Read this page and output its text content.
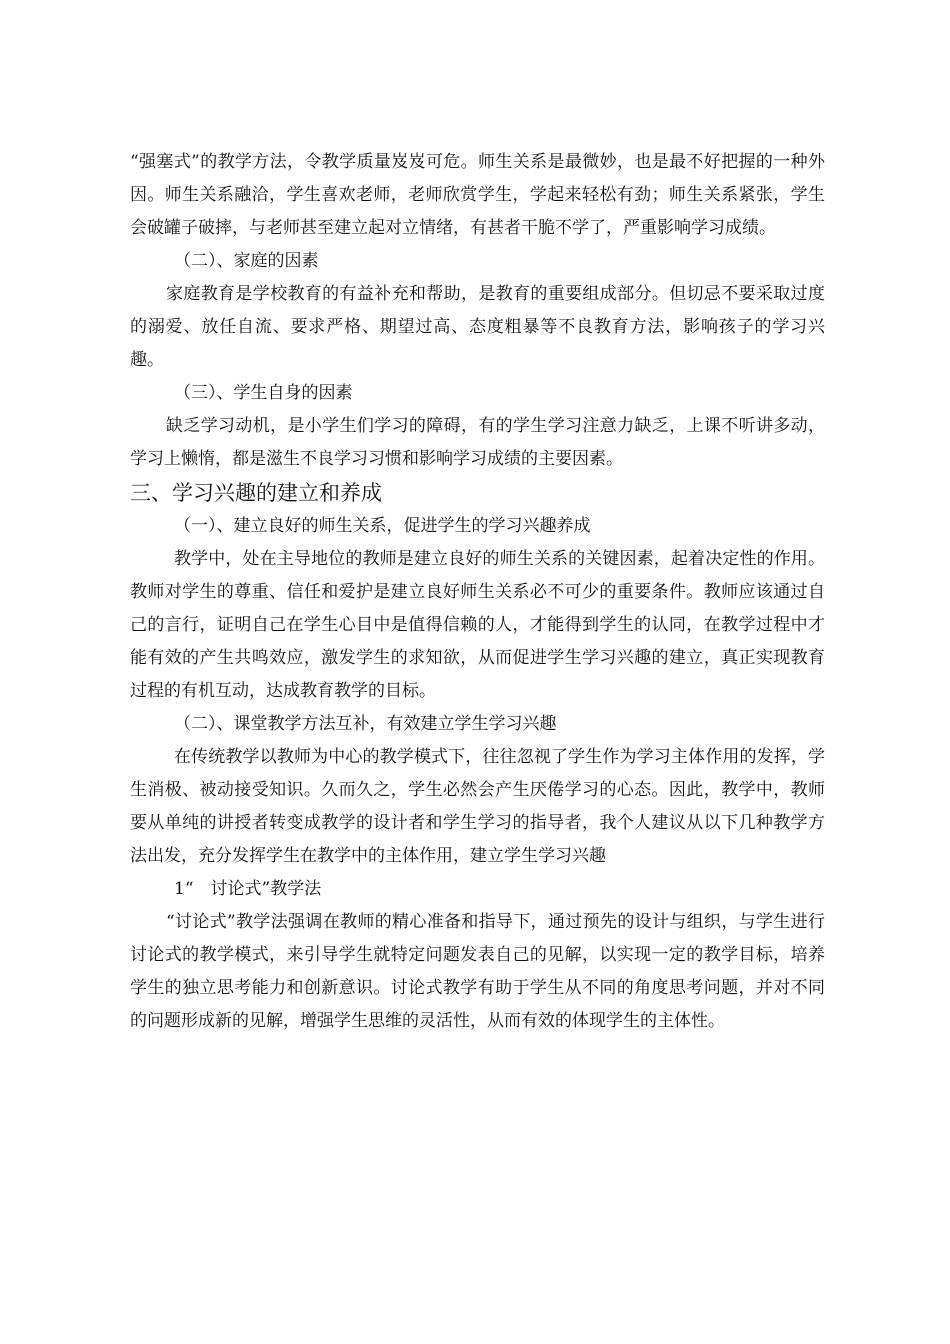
“强塞式”的教学方法，令教学质量岌岌可危。师生关系是最微妙，也是最不好把握的一种外因。师生关系融洽，学生喜欢老师，老师欣赏学生，学起来轻松有劲；师生关系紧张，学生会破罐子破摔，与老师甚至建立起对立情绪，有甚者干脆不学了，严重影响学习成绩。

（二）、家庭的因素

家庭教育是学校教育的有益补充和帮助，是教育的重要组成部分。但切忌不要采取过度的溺爱、放任自流、要求严格、期望过高、态度粗暴等不良教育方法，影响孩子的学习兴趣。

（三）、学生自身的因素

缺乏学习动机，是小学生们学习的障碍，有的学生学习注意力缺乏，上课不听讲多动，学习上懒惰，都是滋生不良学习习惯和影响学习成绩的主要因素。

三、学习兴趣的建立和养成

（一）、建立良好的师生关系，促进学生的学习兴趣养成

教学中，处在主导地位的教师是建立良好的师生关系的关键因素，起着决定性的作用。教师对学生的尊重、信任和爱护是建立良好师生关系必不可少的重要条件。教师应该通过自己的言行，证明自己在学生心目中是值得信赖的人，才能得到学生的认同，在教学过程中才能有效的产生共鸣效应，激发学生的求知欲，从而促进学生学习兴趣的建立，真正实现教育过程的有机互动，达成教育教学的目标。

（二）、课堂教学方法互补，有效建立学生学习兴趣

在传统教学以教师为中心的教学模式下，往往忽视了学生作为学习主体作用的发挥，学生消极、被动接受知识。久而久之，学生必然会产生厌倦学习的心态。因此，教学中，教师要从单纯的讲授者转变成教学的设计者和学生学习的指导者，我个人建议从以下几种教学方法出发，充分发挥学生在教学中的主体作用，建立学生学习兴趣

1“　讨论式”教学法

“讨论式”教学法强调在教师的精心准备和指导下，通过预先的设计与组织，与学生进行讨论式的教学模式，来引导学生就特定问题发表自己的见解，以实现一定的教学目标，培养学生的独立思考能力和创新意识。讨论式教学有助于学生从不同的角度思考问题，并对不同的问题形成新的见解，增强学生思维的灵活性，从而有效的体现学生的主体性。
